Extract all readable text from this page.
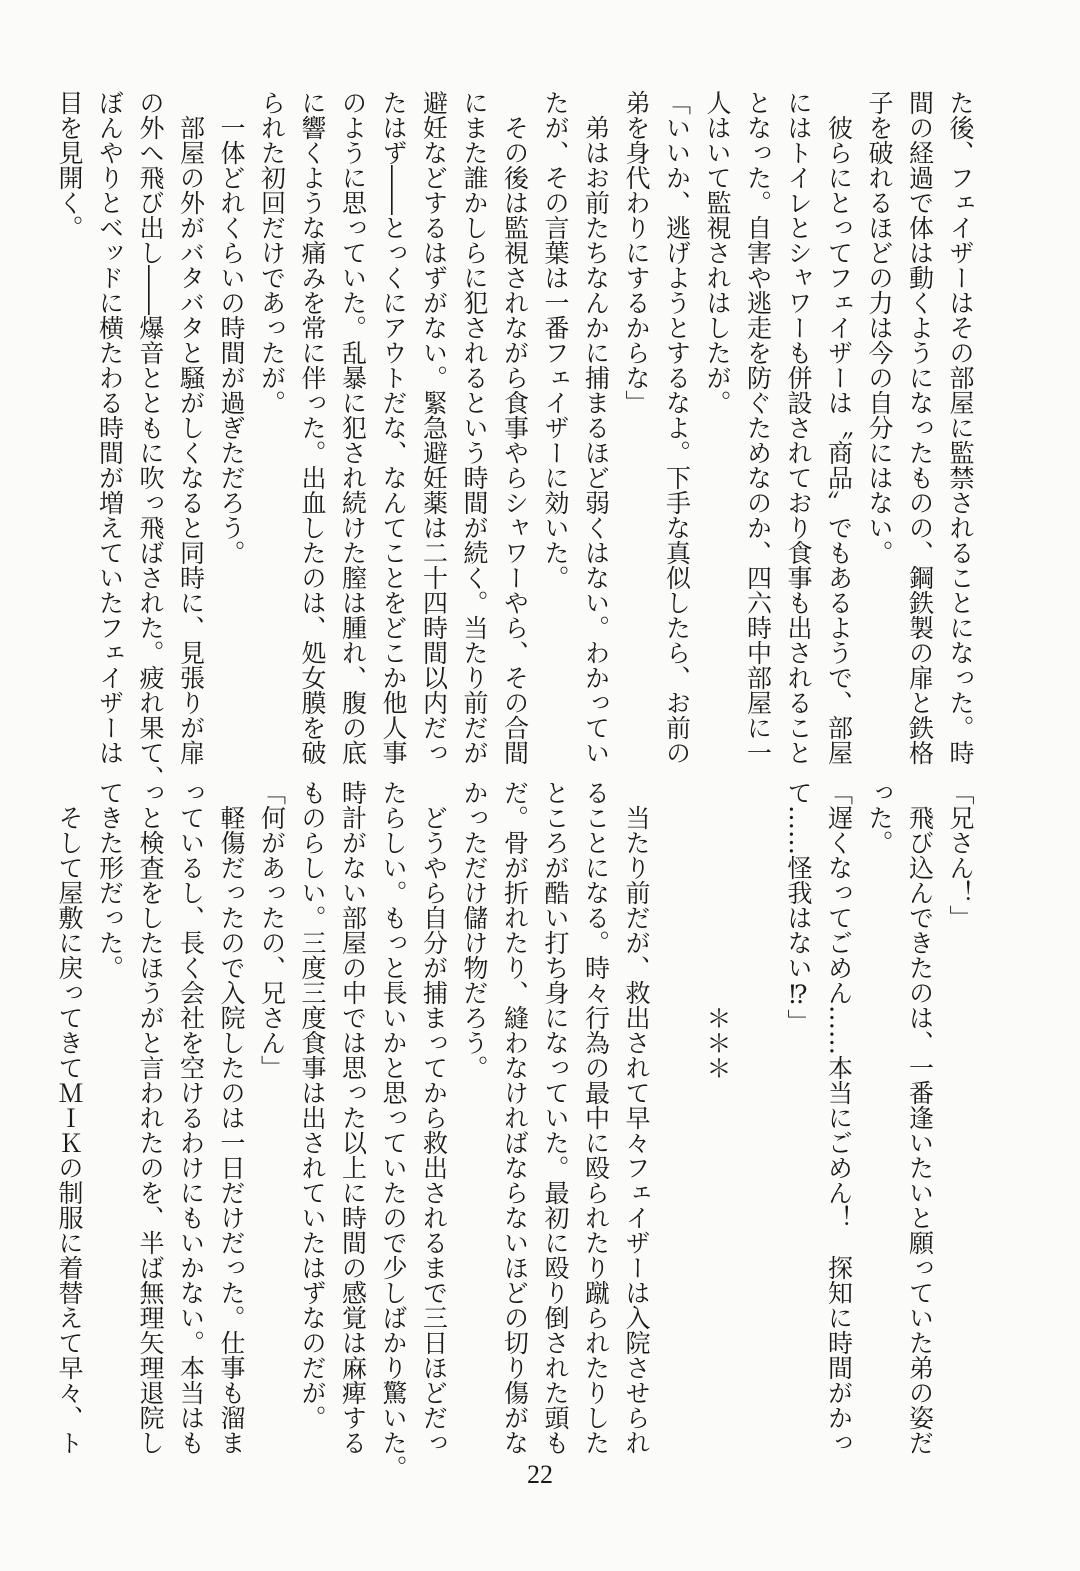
た後、フェイザーはその部屋に監禁されることになった。時

間の経過で体は動くようになったものの、鋼鉄製の扉と鉄格

子を破れるほどの力は今の自分にはない。

　彼らにとってフェイザーは〝商品〟でもあるようで、部屋

にはトイレとシャワーも併設されており食事も出されること

となった。自害や逃走を防ぐためなのか、四六時中部屋に一

人はいて監視されはしたが。

「いいか、逃げようとするなよ。下手な真似したら、お前の

弟を身代わりにするからな」

　弟はお前たちなんかに捕まるほど弱くはない。わかってい

たが、その言葉は一番フェイザーに効いた。

　その後は監視されながら食事やらシャワーやら、その合間

にまた誰かしらに犯されるという時間が続く。当たり前だが

避妊などするはずがない。緊急避妊薬は二十四時間以内だっ

たはず――とっくにアウトだな、なんてことをどこか他人事

のように思っていた。乱暴に犯され続けた膣は腫れ、腹の底

に響くような痛みを常に伴った。出血したのは、処女膜を破

られた初回だけであったが。

　一体どれくらいの時間が過ぎただろう。

　部屋の外がバタバタと騒がしくなると同時に、見張りが扉

の外へ飛び出し――爆音とともに吹っ飛ばされた。疲れ果て、

ぼんやりとベッドに横たわる時間が増えていたフェイザーは

目を見開く。

「兄さん！」

　飛び込んできたのは、一番逢いたいと願っていた弟の姿だ

った。

「遅くなってごめん……本当にごめん！　探知に時間がかっ

て……怪我はない⁉」

　　　　　　　　　＊＊＊

　当たり前だが、救出されて早々フェイザーは入院させられ

ることになる。時々行為の最中に殴られたり蹴られたりした

ところが酷い打ち身になっていた。最初に殴り倒された頭も

だ。骨が折れたり、縫わなければならないほどの切り傷がな

かっただけ儲け物だろう。

　どうやら自分が捕まってから救出されるまで三日ほどだっ

たらしい。もっと長いかと思っていたので少しばかり驚いた。

時計がない部屋の中では思った以上に時間の感覚は麻痺する

ものらしい。三度三度食事は出されていたはずなのだが。

「何があったの、兄さん」

　軽傷だったので入院したのは一日だけだった。仕事も溜ま

っているし、長く会社を空けるわけにもいかない。本当はも

っと検査をしたほうがと言われたのを、半ば無理矢理退院し

てきた形だった。

　そして屋敷に戻ってきてＭＩＫの制服に着替えて早々、ト

22
